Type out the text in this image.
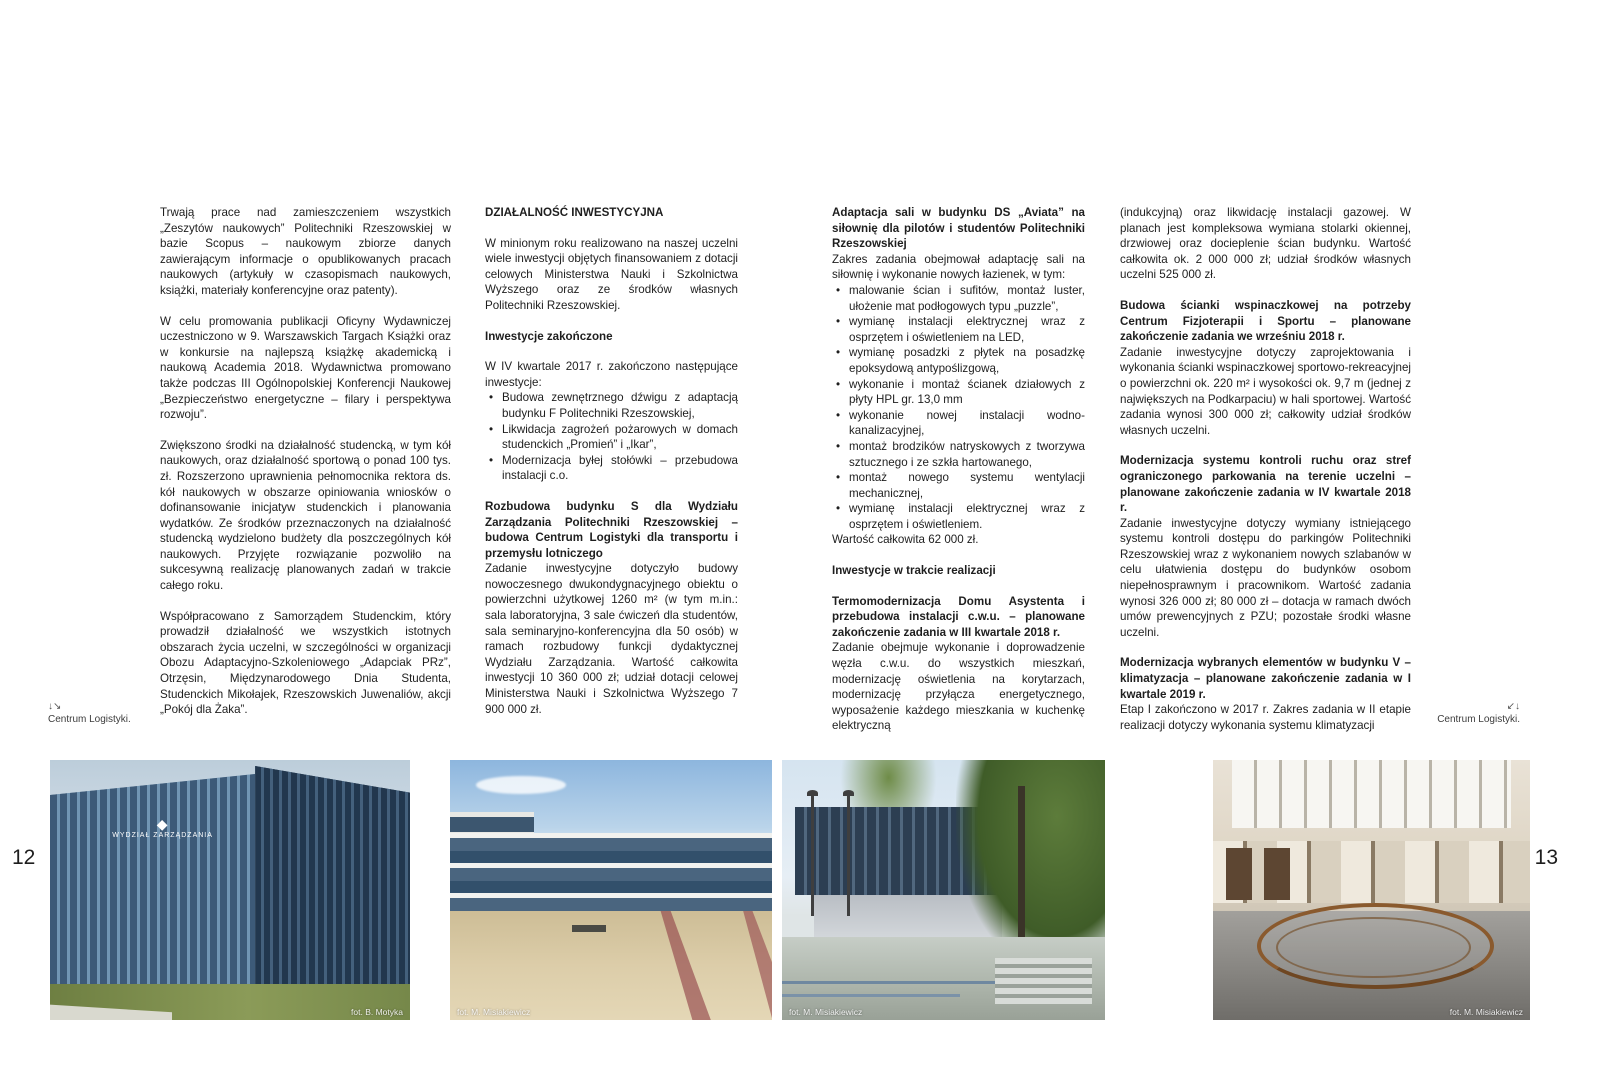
Trwają prace nad zamieszczeniem wszystkich „Zeszytów naukowych” Politechniki Rzeszowskiej w bazie Scopus – naukowym zbiorze danych zawierającym informacje o opublikowanych pracach naukowych (artykuły w czasopismach naukowych, książki, materiały konferencyjne oraz patenty).

W celu promowania publikacji Oficyny Wydawniczej uczestniczono w 9. Warszawskich Targach Książki oraz w konkursie na najlepszą książkę akademicką i naukową Academia 2018. Wydawnictwa promowano także podczas III Ogólnopolskiej Konferencji Naukowej „Bezpieczeństwo energetyczne – filary i perspektywa rozwoju”.

Zwiększono środki na działalność studencką, w tym kół naukowych, oraz działalność sportową o ponad 100 tys. zł. Rozszerzono uprawnienia pełnomocnika rektora ds. kół naukowych w obszarze opiniowania wniosków o dofinansowanie inicjatyw studenckich i planowania wydatków. Ze środków przeznaczonych na działalność studencką wydzielono budżety dla poszczególnych kół naukowych. Przyjęte rozwiązanie pozwoliło na sukcesywną realizację planowanych zadań w trakcie całego roku.

Współpracowano z Samorządem Studenckim, który prowadził działalność we wszystkich istotnych obszarach życia uczelni, w szczególności w organizacji Obozu Adaptacyjno-Szkoleniowego „Adapciak PRz”, Otrzęsin, Międzynarodowego Dnia Studenta, Studenckich Mikołajek, Rzeszowskich Juwenaliów, akcji „Pokój dla Żaka”.

DZIAŁALNOŚĆ INWESTYCYJNA

W minionym roku realizowano na naszej uczelni wiele inwestycji objętych finansowaniem z dotacji celowych Ministerstwa Nauki i Szkolnictwa Wyższego oraz ze środków własnych Politechniki Rzeszowskiej.

Inwestycje zakończone

W IV kwartale 2017 r. zakończono następujące inwestycje:

• Budowa zewnętrznego dźwigu z adaptacją budynku F Politechniki Rzeszowskiej,
• Likwidacja zagrożeń pożarowych w domach studenckich „Promień” i „Ikar”,
• Modernizacja byłej stołówki – przebudowa instalacji c.o.

Rozbudowa budynku S dla Wydziału Zarządzania Politechniki Rzeszowskiej – budowa Centrum Logistyki dla transportu i przemysłu lotniczego

Zadanie inwestycyjne dotyczyło budowy nowoczesnego dwukondygnacyjnego obiektu o powierzchni użytkowej 1260 m² (w tym m.in.: sala laboratoryjna, 3 sale ćwiczeń dla studentów, sala seminaryjno-konferencyjna dla 50 osób) w ramach rozbudowy funkcji dydaktycznej Wydziału Zarządzania. Wartość całkowita inwestycji 10 360 000 zł; udział dotacji celowej Ministerstwa Nauki i Szkolnictwa Wyższego 7 900 000 zł.

Adaptacja sali w budynku DS „Aviata” na siłownię dla pilotów i studentów Politechniki Rzeszowskiej

Zakres zadania obejmował adaptację sali na siłownię i wykonanie nowych łazienek, w tym:

• malowanie ścian i sufitów, montaż luster, ułożenie mat podłogowych typu „puzzle”,
• wymianę instalacji elektrycznej wraz z osprzętem i oświetleniem na LED,
• wymianę posadzki z płytek na posadzkę epoksydową antypoślizgową,
• wykonanie i montaż ścianek działowych z płyty HPL gr. 13,0 mm
• wykonanie nowej instalacji wodno-kanalizacyjnej,
• montaż brodzików natryskowych z tworzywa sztucznego i ze szkła hartowanego,
• montaż nowego systemu wentylacji mechanicznej,
• wymianę instalacji elektrycznej wraz z osprzętem i oświetleniem.

Wartość całkowita 62 000 zł.

Inwestycje w trakcie realizacji
Termomodernizacja Domu Asystenta i przebudowa instalacji c.w.u. – planowane zakończenie zadania w III kwartale 2018 r.

Zadanie obejmuje wykonanie i doprowadzenie węzła c.w.u. do wszystkich mieszkań, modernizację oświetlenia na korytarzach, modernizację przyłącza energetycznego, wyposażenie każdego mieszkania w kuchenkę elektryczną

(indukcyjną) oraz likwidację instalacji gazowej. W planach jest kompleksowa wymiana stolarki okiennej, drzwiowej oraz docieplenie ścian budynku. Wartość całkowita ok. 2 000 000 zł; udział środków własnych uczelni 525 000 zł.

Budowa ścianki wspinaczkowej na potrzeby Centrum Fizjoterapii i Sportu – planowane zakończenie zadania we wrześniu 2018 r.

Zadanie inwestycyjne dotyczy zaprojektowania i wykonania ścianki wspinaczkowej sportowo-rekreacyjnej o powierzchni ok. 220 m² i wysokości ok. 9,7 m (jednej z największych na Podkarpaciu) w hali sportowej. Wartość zadania wynosi 300 000 zł; całkowity udział środków własnych uczelni.

Modernizacja systemu kontroli ruchu oraz stref ograniczonego parkowania na terenie uczelni – planowane zakończenie zadania w IV kwartale 2018 r.

Zadanie inwestycyjne dotyczy wymiany istniejącego systemu kontroli dostępu do parkingów Politechniki Rzeszowskiej wraz z wykonaniem nowych szlabanów w celu ułatwienia dostępu do budynków osobom niepełnosprawnym i pracownikom. Wartość zadania wynosi 326 000 zł; 80 000 zł – dotacja w ramach dwóch umów prewencyjnych z PZU; pozostałe środki własne uczelni.

Modernizacja wybranych elementów w budynku V – klimatyzacja – planowane zakończenie zadania w I kwartale 2019 r.

Etap I zakończono w 2017 r. Zakres zadania w II etapie realizacji dotyczy wykonania systemu klimatyzacji

↓↘
Centrum Logistyki.
↙↓
Centrum Logistyki.
12	13
◆
WYDZIAŁ ZARZĄDZANIA
fot. B. Motyka	fot. M. Misiakiewicz	fot. M. Misiakiewicz	fot. M. Misiakiewicz
